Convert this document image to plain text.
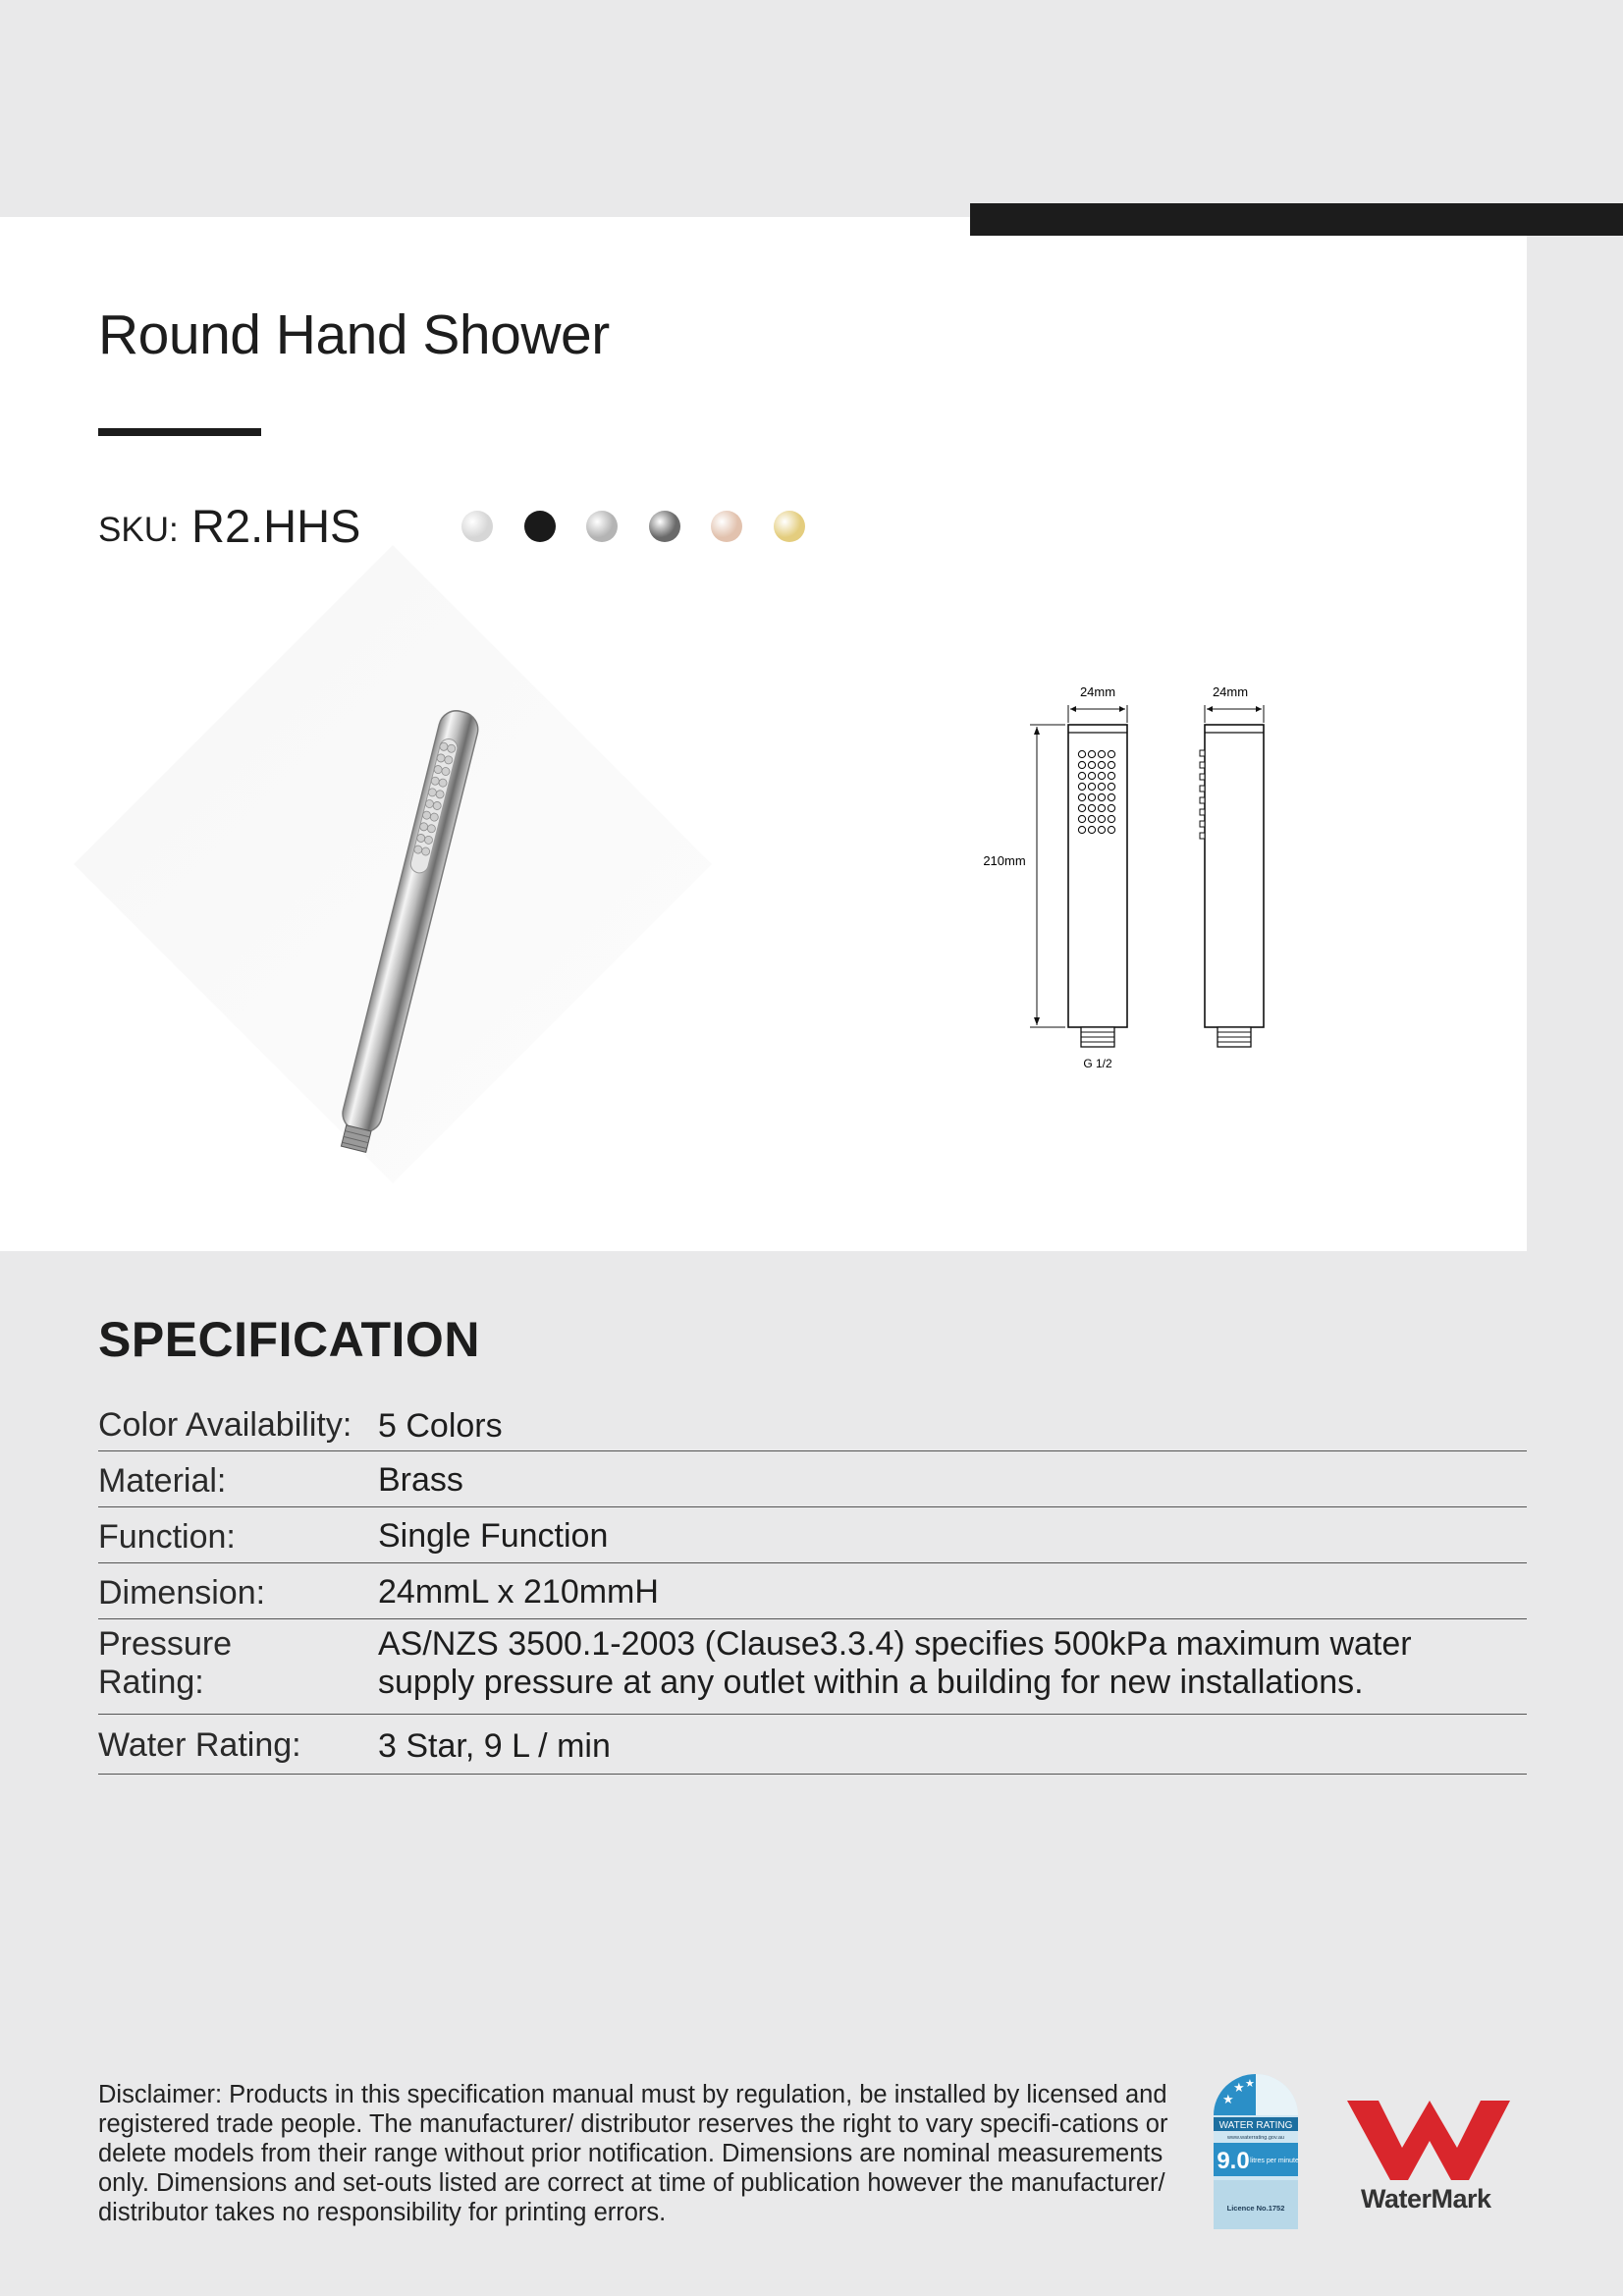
Round Hand Shower
SKU: R2.HHS
24mm
G 1/2
210mm
24mm
SPECIFICATION
Color Availability: 5 Colors
Material:	Brass
Function:	Single Function
Dimension:	24mmL x 210mmH
Pressure Rating:
AS/NZS 3500.1-2003 (Clause3.3.4) specifies 500kPa maximum water supply pressure at any outlet within a building for new installations.
Water Rating: 3 Star, 9 L / min

Disclaimer: Products in this specification manual must by regulation, be installed by licensed and registered trade people. The manufacturer/ distributor reserves the right to vary specifi-cations or delete models from their range without prior notification. Dimensions are nominal measurements only. Dimensions and set-outs listed are correct at time of publication however the manufacturer/ distributor takes no responsibility for printing errors.

★
★ ★
WATER RATING
www.waterrating.gov.au
9.0 litres per minute
Licence No.1752	WaterMark
